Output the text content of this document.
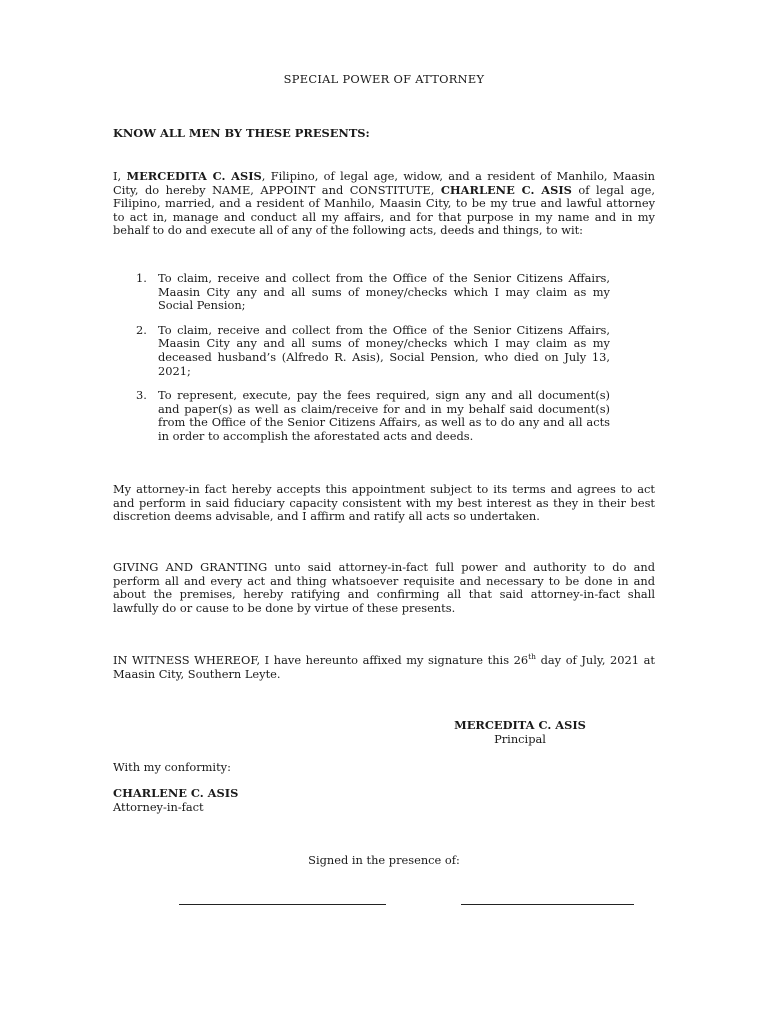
SPECIAL POWER OF ATTORNEY
KNOW ALL MEN BY THESE PRESENTS:
I, MERCEDITA C. ASIS, Filipino, of legal age, widow, and a resident of Manhilo, Maasin City, do hereby NAME, APPOINT and CONSTITUTE, CHARLENE C. ASIS of legal age, Filipino, married, and a resident of Manhilo, Maasin City, to be my true and lawful attorney to act in, manage and conduct all my affairs, and for that purpose in my name and in my behalf to do and execute all of any of the following acts, deeds and things, to wit:
1. To claim, receive and collect from the Office of the Senior Citizens Affairs, Maasin City any and all sums of money/checks which I may claim as my Social Pension;
2. To claim, receive and collect from the Office of the Senior Citizens Affairs, Maasin City any and all sums of money/checks which I may claim as my deceased husband’s (Alfredo R. Asis), Social Pension, who died on July 13, 2021;
3. To represent, execute, pay the fees required, sign any and all document(s) and paper(s) as well as claim/receive for and in my behalf said document(s) from the Office of the Senior Citizens Affairs, as well as to do any and all acts in order to accomplish the aforestated acts and deeds.
My attorney-in fact hereby accepts this appointment subject to its terms and agrees to act and perform in said fiduciary capacity consistent with my best interest as they in their best discretion deems advisable, and I affirm and ratify all acts so undertaken.
GIVING AND GRANTING unto said attorney-in-fact full power and authority to do and perform all and every act and thing whatsoever requisite and necessary to be done in and about the premises, hereby ratifying and confirming all that said attorney-in-fact shall lawfully do or cause to be done by virtue of these presents.
IN WITNESS WHEREOF, I have hereunto affixed my signature this 26th day of July, 2021 at Maasin City, Southern Leyte.
MERCEDITA C. ASIS
Principal
With my conformity:
CHARLENE C. ASIS
Attorney-in-fact
Signed in the presence of:
